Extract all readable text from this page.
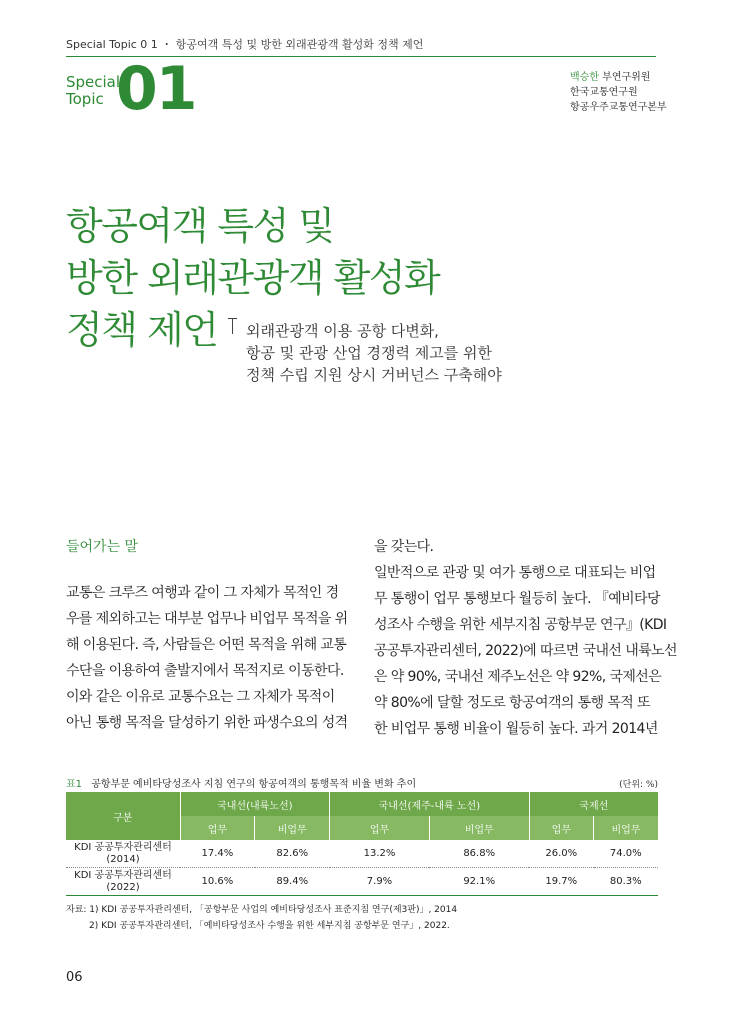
Special Topic 0 1 ・ 항공여객 특성 및 방한 외래관광객 활성화 정책 제언
Special
Topic 01	백승한 부연구위원
한국교통연구원
항공우주교통연구본부
항공여객 특성 및
방한 외래관광객 활성화
정책 제언	외래관광객 이용 공항 다변화,
항공 및 관광 산업 경쟁력 제고를 위한
정책 수립 지원 상시 거버넌스 구축해야
들어가는 말
교통은 크루즈 여행과 같이 그 자체가 목적인 경
우를 제외하고는 대부분 업무나 비업무 목적을 위
해 이용된다. 즉, 사람들은 어떤 목적을 위해 교통
수단을 이용하여 출발지에서 목적지로 이동한다.
이와 같은 이유로 교통수요는 그 자체가 목적이
아닌 통행 목적을 달성하기 위한 파생수요의 성격
을 갖는다.
일반적으로 관광 및 여가 통행으로 대표되는 비업
무 통행이 업무 통행보다 월등히 높다. 『예비타당
성조사 수행을 위한 세부지침 공항부문 연구』(KDI
공공투자관리센터, 2022)에 따르면 국내선 내륙노선
은 약 90%, 국내선 제주노선은 약 92%, 국제선은
약 80%에 달할 정도로 항공여객의 통행 목적 또
한 비업무 통행 비율이 월등히 높다. 과거 2014년
표1 공항부문 예비타당성조사 지침 연구의 항공여객의 통행목적 비율 변화 추이	(단위: %)
구분	국내선(내륙노선)		국내선(제주-내륙 노선)		국제선	
	업무	비업무	업무	비업무	업무	비업무

KDI 공공투자관리센터
(2014)	17.4%	82.6%	13.2%	86.8%	26.0%	74.0%

KDI 공공투자관리센터
(2022)	10.6%	89.4%	7.9%	92.1%	19.7%	80.3%
자료: 1) KDI 공공투자관리센터, 「공항부문 사업의 예비타당성조사 표준지침 연구(제3판)」, 2014
2) KDI 공공투자관리센터, 「예비타당성조사 수행을 위한 세부지침 공항부문 연구」, 2022.
06
